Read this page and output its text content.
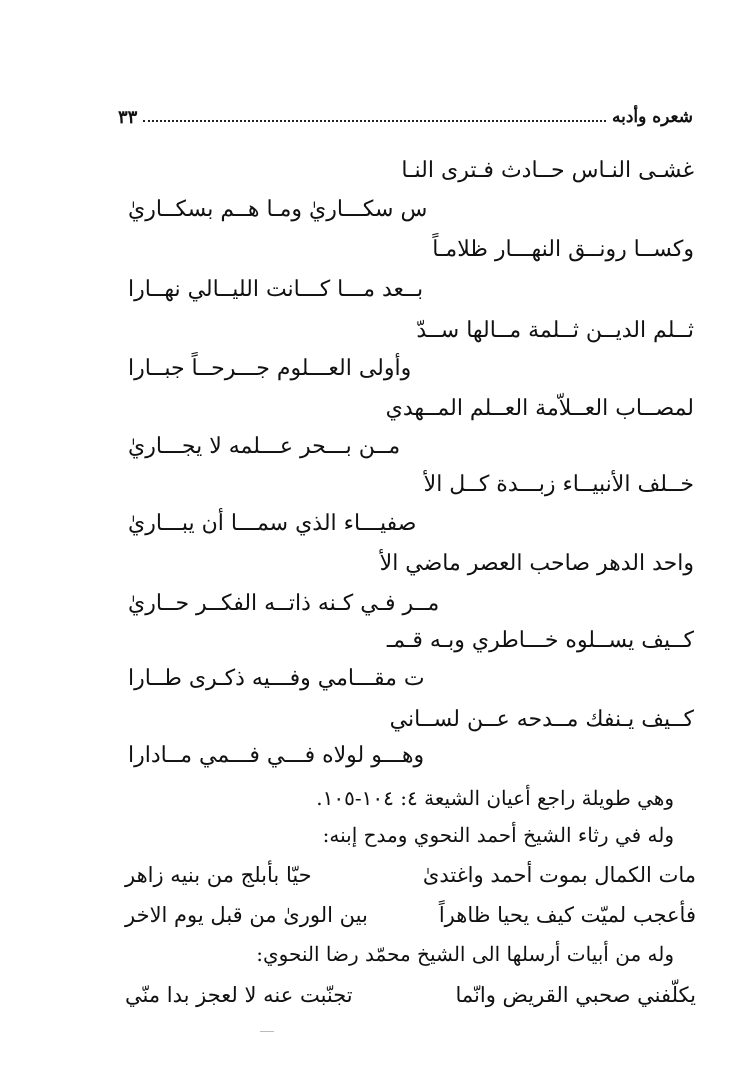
شعره وأدبه
٣٣
غشـى النـاس حــادث فـترى النـا
س سكـــاريٰ ومـا هــم بسكــاريٰ
وكســا رونــق النهـــار ظلامـاً
بــعد مـــا كـــانت الليــالي نهــارا
ثــلم الديــن ثــلمة مــالها ســدّ
وأولى العـــلوم جـــرحــاً جبــارا
لمصــاب العــلاّمة العــلم المــهدي
مــن بـــحر عـــلمه لا يجـــاريٰ
خــلف الأنبيــاء زبـــدة كــل الأ
صفيـــاء الذي سمـــا أن يبـــاريٰ
واحد الدهر صاحب العصر ماضي الأ
مــر فـي كـنه ذاتــه الفكــر حــاريٰ
كــيف يســلوه خـــاطري وبـه قـمـ
ت مقـــامي وفـــيه ذكـرى طــارا
كــيف يـنفك مــدحه عــن لســاني
وهـــو لولاه فـــي فـــمي مــادارا
وهي طويلة راجع أعيان الشيعة ٤: ١٠٤-١٠٥.
وله في رثاء الشيخ أحمد النحوي ومدح إبنه:
مات الكمال بموت أحمد واغتدىٰ
حيّا بأبلج من بنيه زاهر
فأعجب لميّت كيف يحيا ظاهراً
بين الورىٰ من قبل يوم الاخر
وله من أبيات أرسلها الى الشيخ محمّد رضا النحوي:
يكلّفني صحبي القريض وانّما
تجنّبت عنه لا لعجز بدا منّي
